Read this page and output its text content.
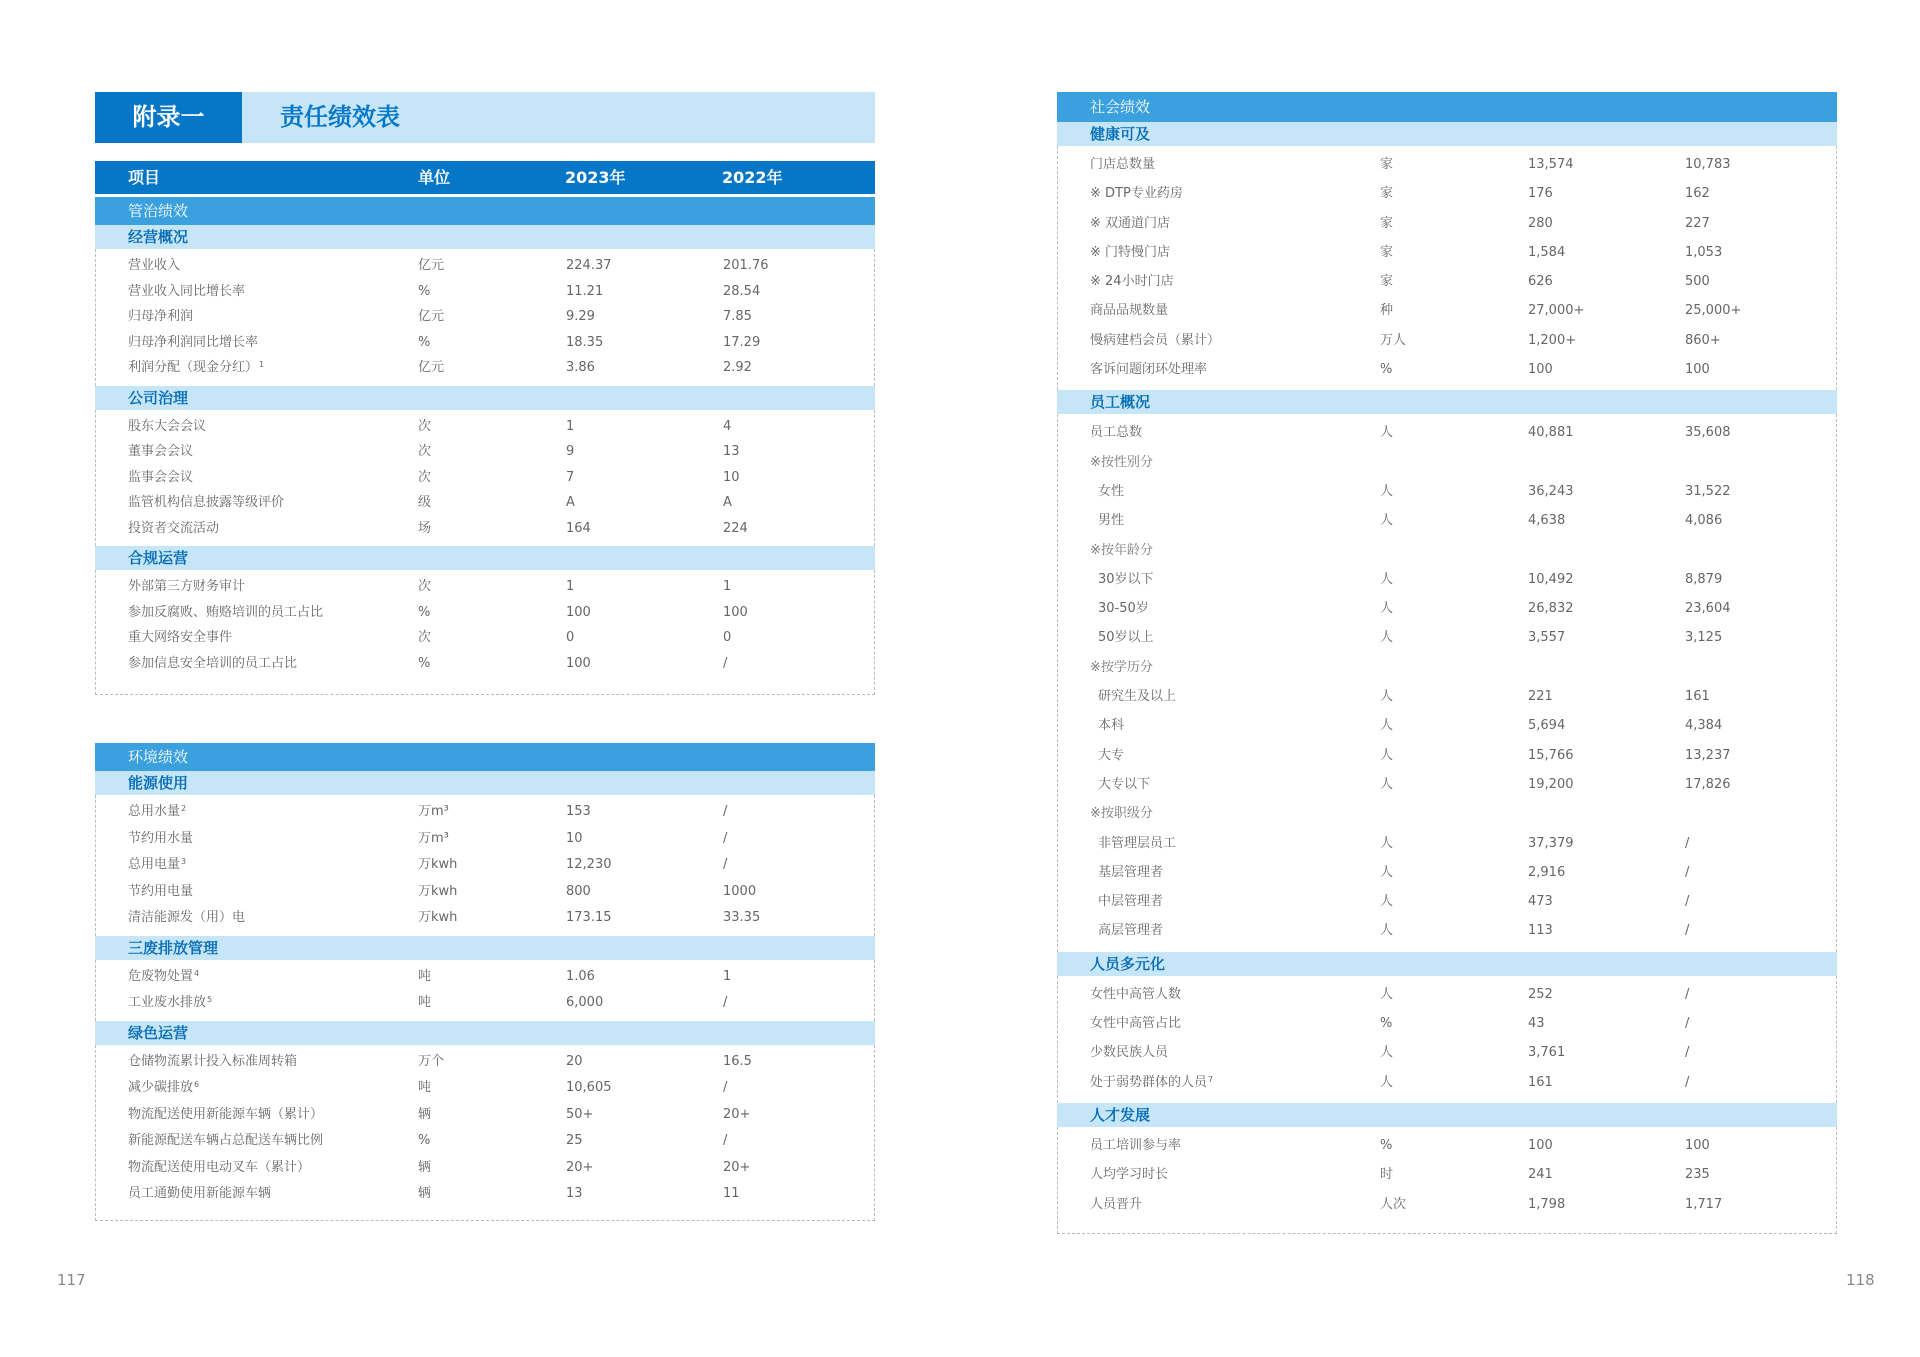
附录一	责任绩效表
项目	单位	2023年	2022年
管治绩效
经营概况
营业收入	亿元	224.37	201.76
营业收入同比增长率	%	11.21	28.54
归母净利润	亿元	9.29	7.85
归母净利润同比增长率	%	18.35	17.29
利润分配（现金分红）$^1$	亿元	3.86	2.92
公司治理
股东大会会议	次	1	4
董事会会议	次	9	13
监事会会议	次	7	10
监管机构信息披露等级评价	级	A	A
投资者交流活动	场	164	224
合规运营
外部第三方财务审计	次	1	1
参加反腐败、贿赂培训的员工占比	%	100	100
重大网络安全事件	次	0	0
参加信息安全培训的员工占比	%	100	/
环境绩效
能源使用
总用水量$^2$	万m³	153	/
节约用水量	万m³	10	/
总用电量$^3$	万kwh	12,230	/
节约用电量	万kwh	800	1000
清洁能源发（用）电	万kwh	173.15	33.35
三废排放管理
危废物处置$^4$	吨	1.06	1
工业废水排放$^5$	吨	6,000	/
绿色运营
仓储物流累计投入标准周转箱	万个	20	16.5
减少碳排放$^6$	吨	10,605	/
物流配送使用新能源车辆（累计）	辆	50+	20+
新能源配送车辆占总配送车辆比例	%	25	/
物流配送使用电动叉车（累计）	辆	20+	20+
员工通勤使用新能源车辆	辆	13	11
社会绩效
健康可及
门店总数量	家	13,574	10,783
※ DTP专业药房	家	176	162
※ 双通道门店	家	280	227
※ 门特慢门店	家	1,584	1,053
※ 24小时门店	家	626	500
商品品规数量	种	27,000+	25,000+
慢病建档会员（累计）	万人	1,200+	860+
客诉问题闭环处理率	%	100	100
员工概况
员工总数	人	40,881	35,608
※按性别分
女性	人	36,243	31,522
男性	人	4,638	4,086
※按年龄分
30岁以下	人	10,492	8,879
30-50岁	人	26,832	23,604
50岁以上	人	3,557	3,125
※按学历分
研究生及以上	人	221	161
本科	人	5,694	4,384
大专	人	15,766	13,237
大专以下	人	19,200	17,826
※按职级分
非管理层员工	人	37,379	/
基层管理者	人	2,916	/
中层管理者	人	473	/
高层管理者	人	113	/
人员多元化
女性中高管人数	人	252	/
女性中高管占比	%	43	/
少数民族人员	人	3,761	/
处于弱势群体的人员$^7$	人	161	/
人才发展
员工培训参与率	%	100	100
人均学习时长	时	241	235
人员晋升	人次	1,798	1,717
117	118
